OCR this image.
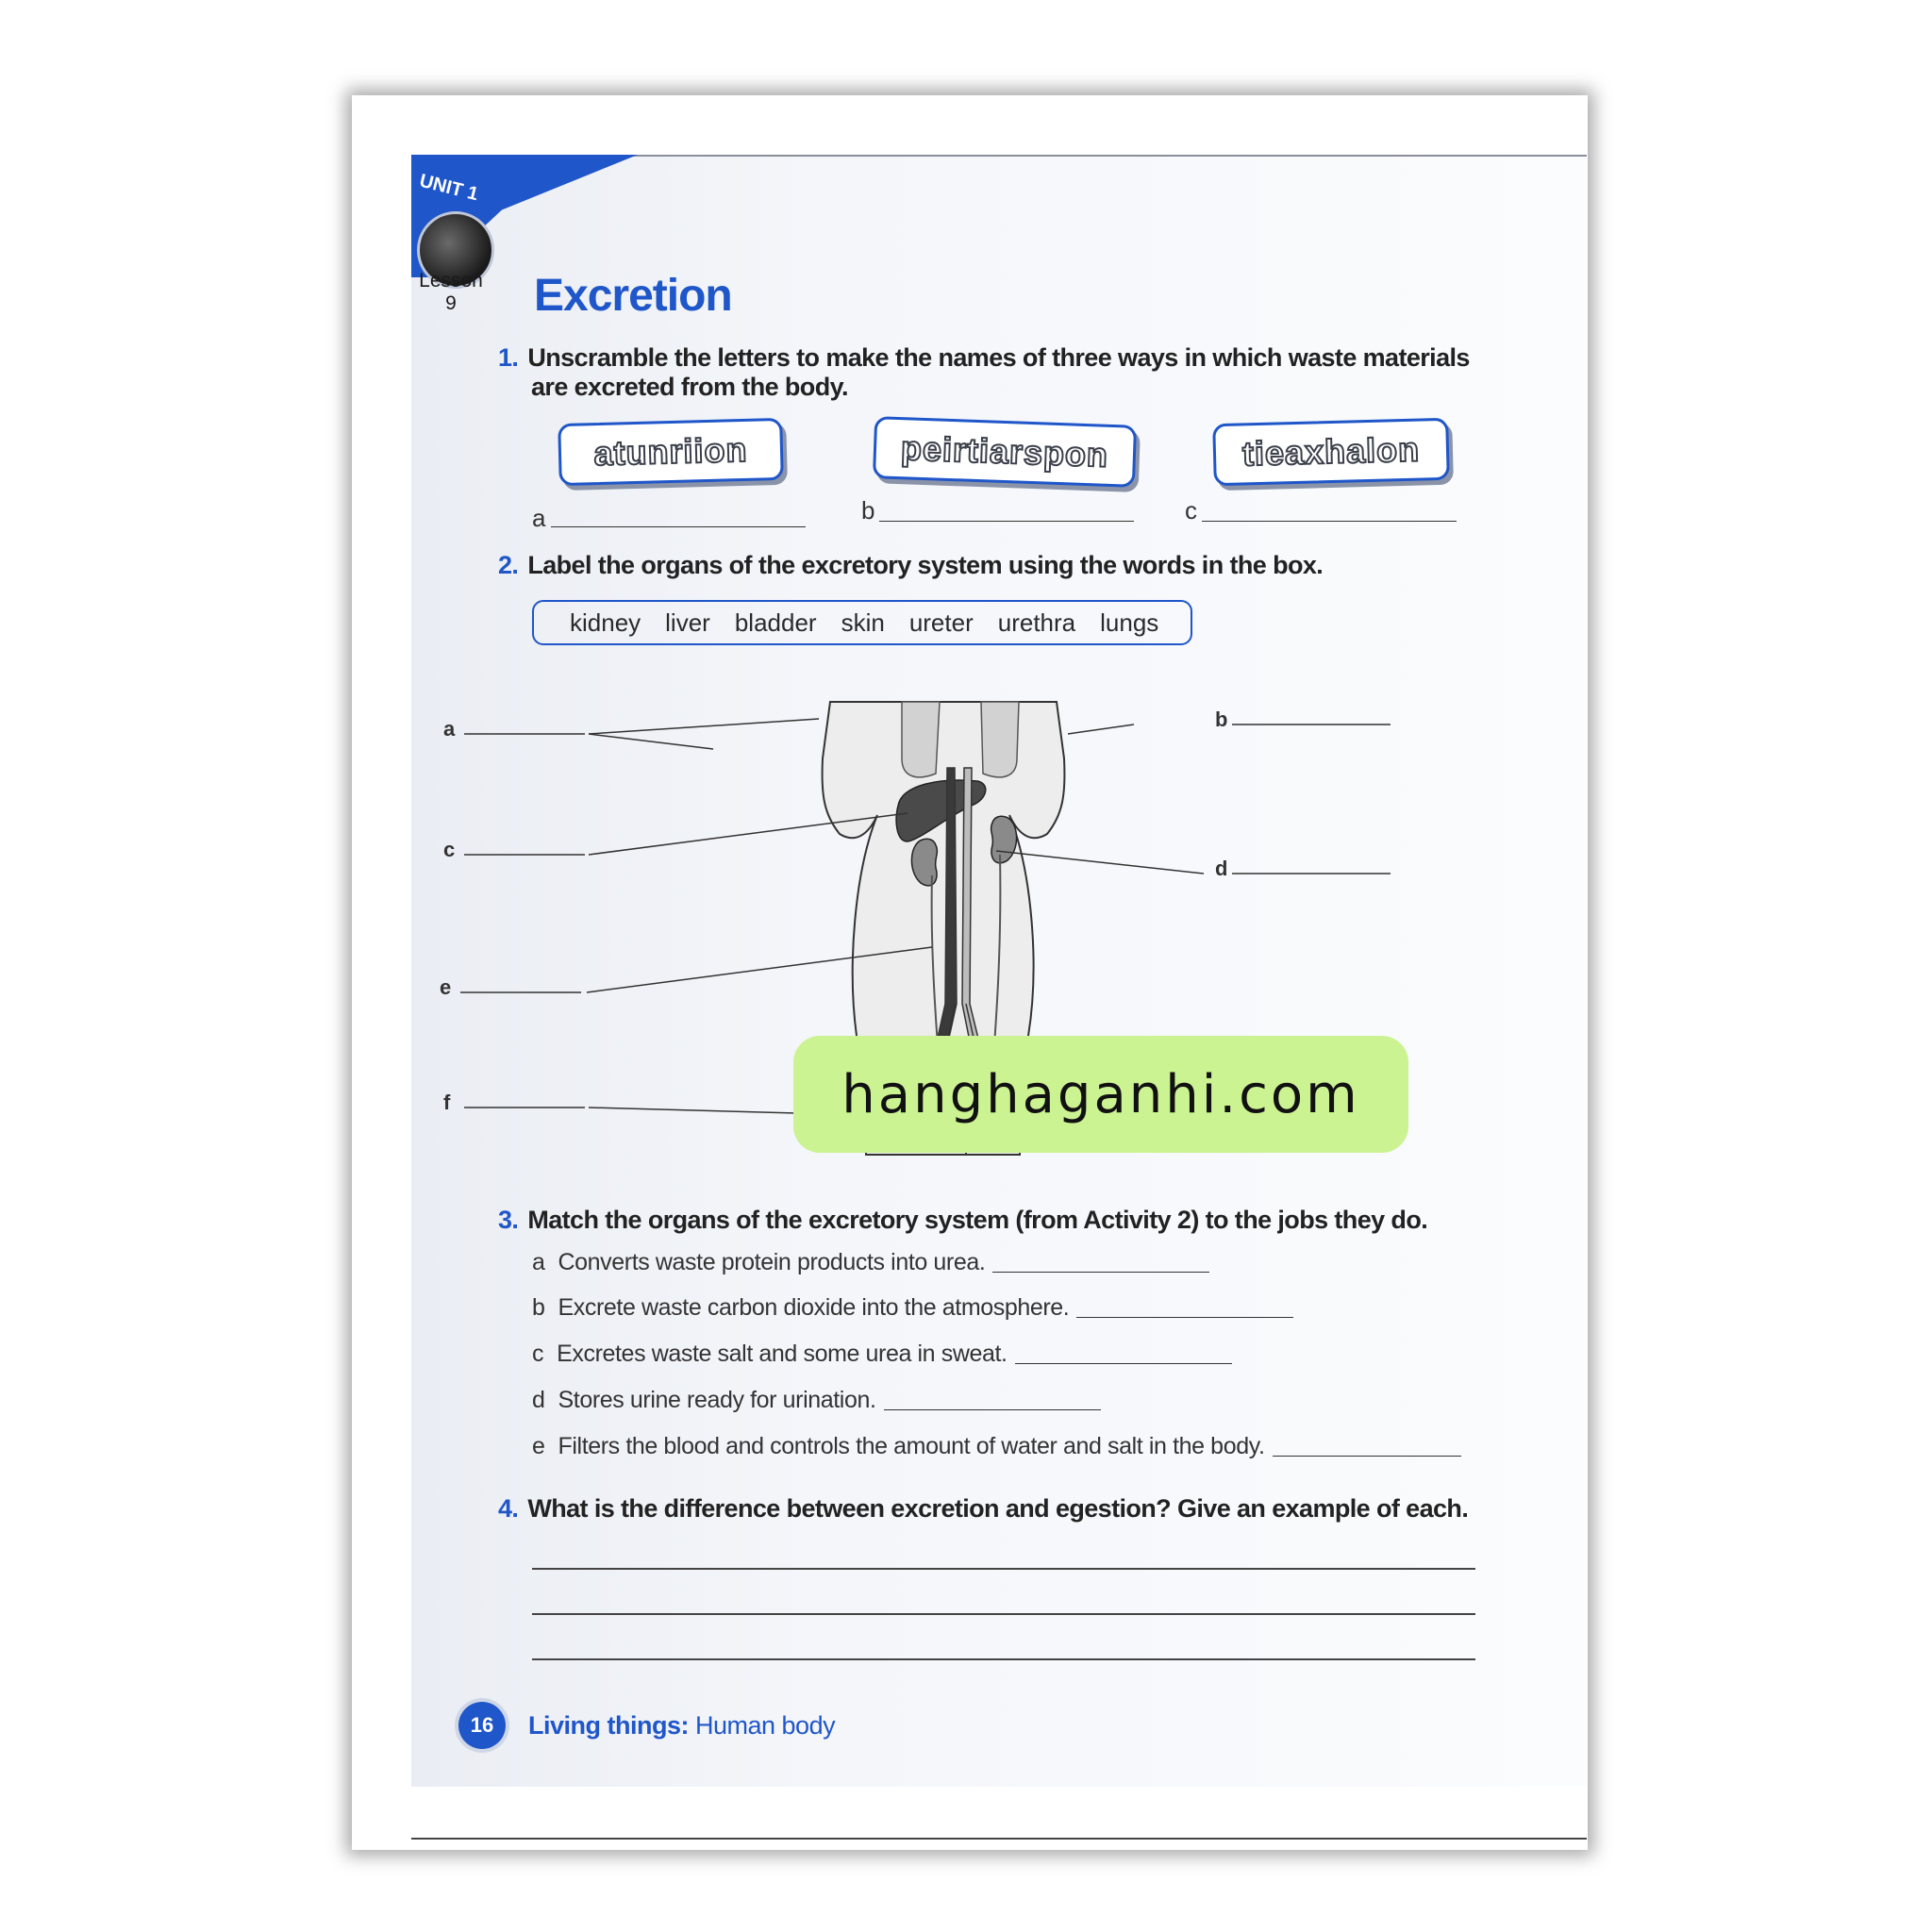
UNIT 1
Lesson
9	Excretion
1. Unscramble the letters to make the names of three ways in which waste materials
are excreted from the body.
atunriion	peirtiarspon	tieaxhalon
a	b	c
2. Label the organs of the excretory system using the words in the box.
kidney liver bladder skin ureter urethra lungs
a	b
c
d
e
f
3. Match the organs of the excretory system (from Activity 2) to the jobs they do.
a Converts waste protein products into urea.
b Excrete waste carbon dioxide into the atmosphere.
c Excretes waste salt and some urea in sweat.
d Stores urine ready for urination.
e Filters the blood and controls the amount of water and salt in the body.
4. What is the difference between excretion and egestion? Give an example of each.
16	Living things: Human body
hanghaganhi.com
